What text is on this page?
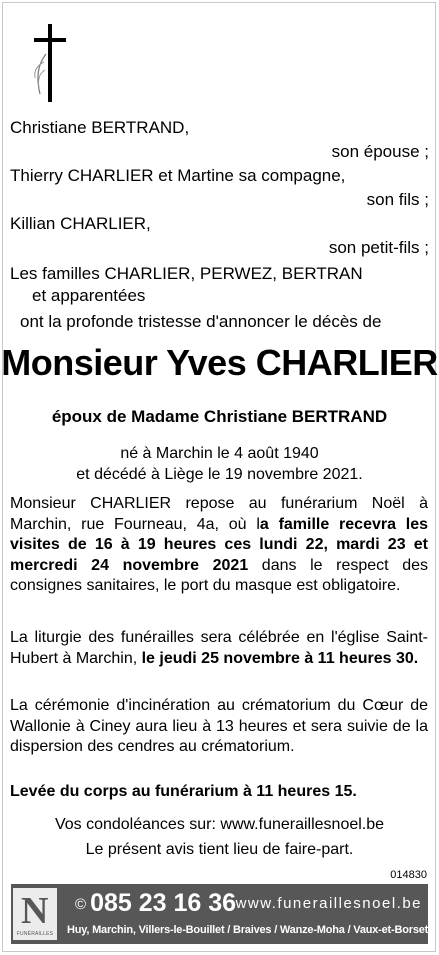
Christiane BERTRAND,
son épouse ;
Thierry CHARLIER et Martine sa compagne,
son fils ;
Killian CHARLIER,
son petit-fils ;
Les familles CHARLIER, PERWEZ, BERTRAN
et apparentées
ont la profonde tristesse d'annoncer le décès de
Monsieur Yves CHARLIER
époux de Madame Christiane BERTRAND
né à Marchin le 4 août 1940
et décédé à Liège le 19 novembre 2021.
Monsieur CHARLIER repose au funérarium Noël à Marchin, rue Fourneau, 4a, où la famille recevra les visites de 16 à 19 heures ces lundi 22, mardi 23 et mercredi 24 novembre 2021 dans le respect des consignes sanitaires, le port du masque est obligatoire.
La liturgie des funérailles sera célébrée en l'église Saint-Hubert à Marchin, le jeudi 25 novembre à 11 heures 30.
La cérémonie d'incinération au crématorium du Cœur de Wallonie à Ciney aura lieu à 13 heures et sera suivie de la dispersion des cendres au crématorium.
Levée du corps au funérarium à 11 heures 15.
Vos condoléances sur: www.funeraillesnoel.be
Le présent avis tient lieu de faire-part.
014830
N
FUNÉRAILLES
© 085 23 16 36 www.funeraillesnoel.be
Huy, Marchin, Villers-le-Bouillet / Braives / Wanze-Moha / Vaux-et-Borset
